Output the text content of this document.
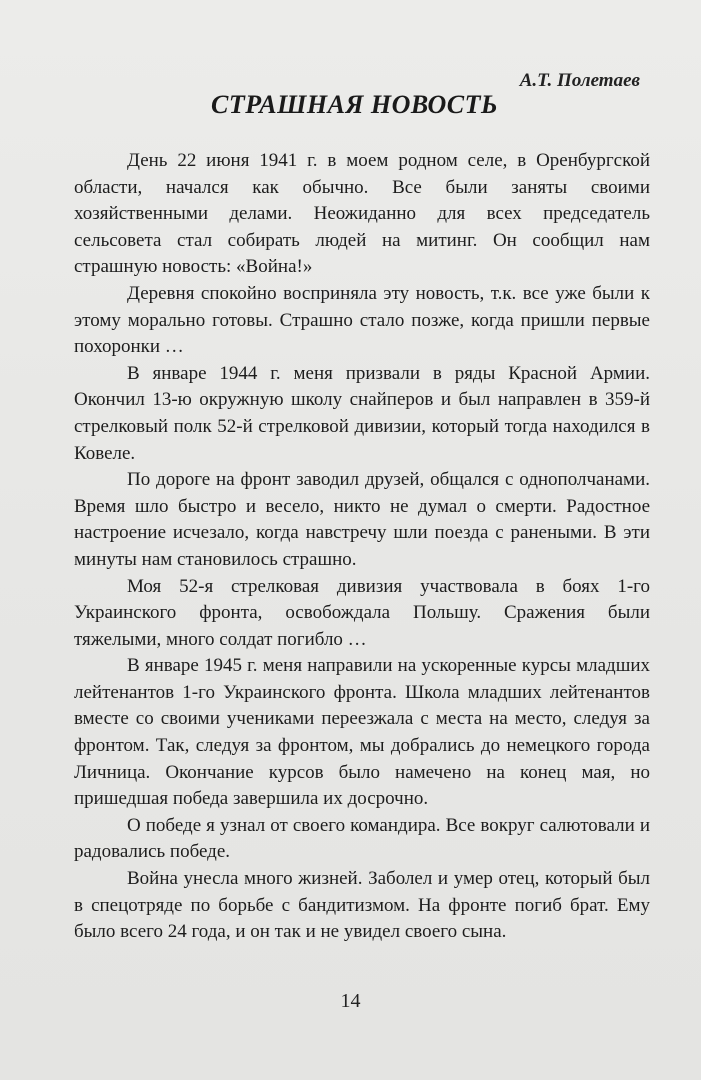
А.Т. Полетаев
СТРАШНАЯ НОВОСТЬ

День 22 июня 1941 г. в моем родном селе, в Оренбургской области, начался как обычно. Все были заняты своими хозяйственными делами. Неожиданно для всех председатель сельсовета стал собирать людей на митинг. Он сообщил нам страшную новость: «Война!»

Деревня спокойно восприняла эту новость, т.к. все уже были к этому морально готовы. Страшно стало позже, когда пришли первые похоронки …

В январе 1944 г. меня призвали в ряды Красной Армии. Окончил 13-ю окружную школу снайперов и был направлен в 359-й стрелковый полк 52-й стрелковой дивизии, который тогда находился в Ковеле.

По дороге на фронт заводил друзей, общался с однополчанами. Время шло быстро и весело, никто не думал о смерти. Радостное настроение исчезало, когда навстречу шли поезда с ранеными. В эти минуты нам становилось страшно.

Моя 52-я стрелковая дивизия участвовала в боях 1-го Украинского фронта, освобождала Польшу. Сражения были тяжелыми, много солдат погибло …

В январе 1945 г. меня направили на ускоренные курсы младших лейтенантов 1-го Украинского фронта. Школа младших лейтенантов вместе со своими учениками переезжала с места на место, следуя за фронтом. Так, следуя за фронтом, мы добрались до немецкого города Личница. Окончание курсов было намечено на конец мая, но пришедшая победа завершила их досрочно.

О победе я узнал от своего командира. Все вокруг салютовали и радовались победе.

Война унесла много жизней. Заболел и умер отец, который был в спецотряде по борьбе с бандитизмом. На фронте погиб брат. Ему было всего 24 года, и он так и не увидел своего сына.

14
